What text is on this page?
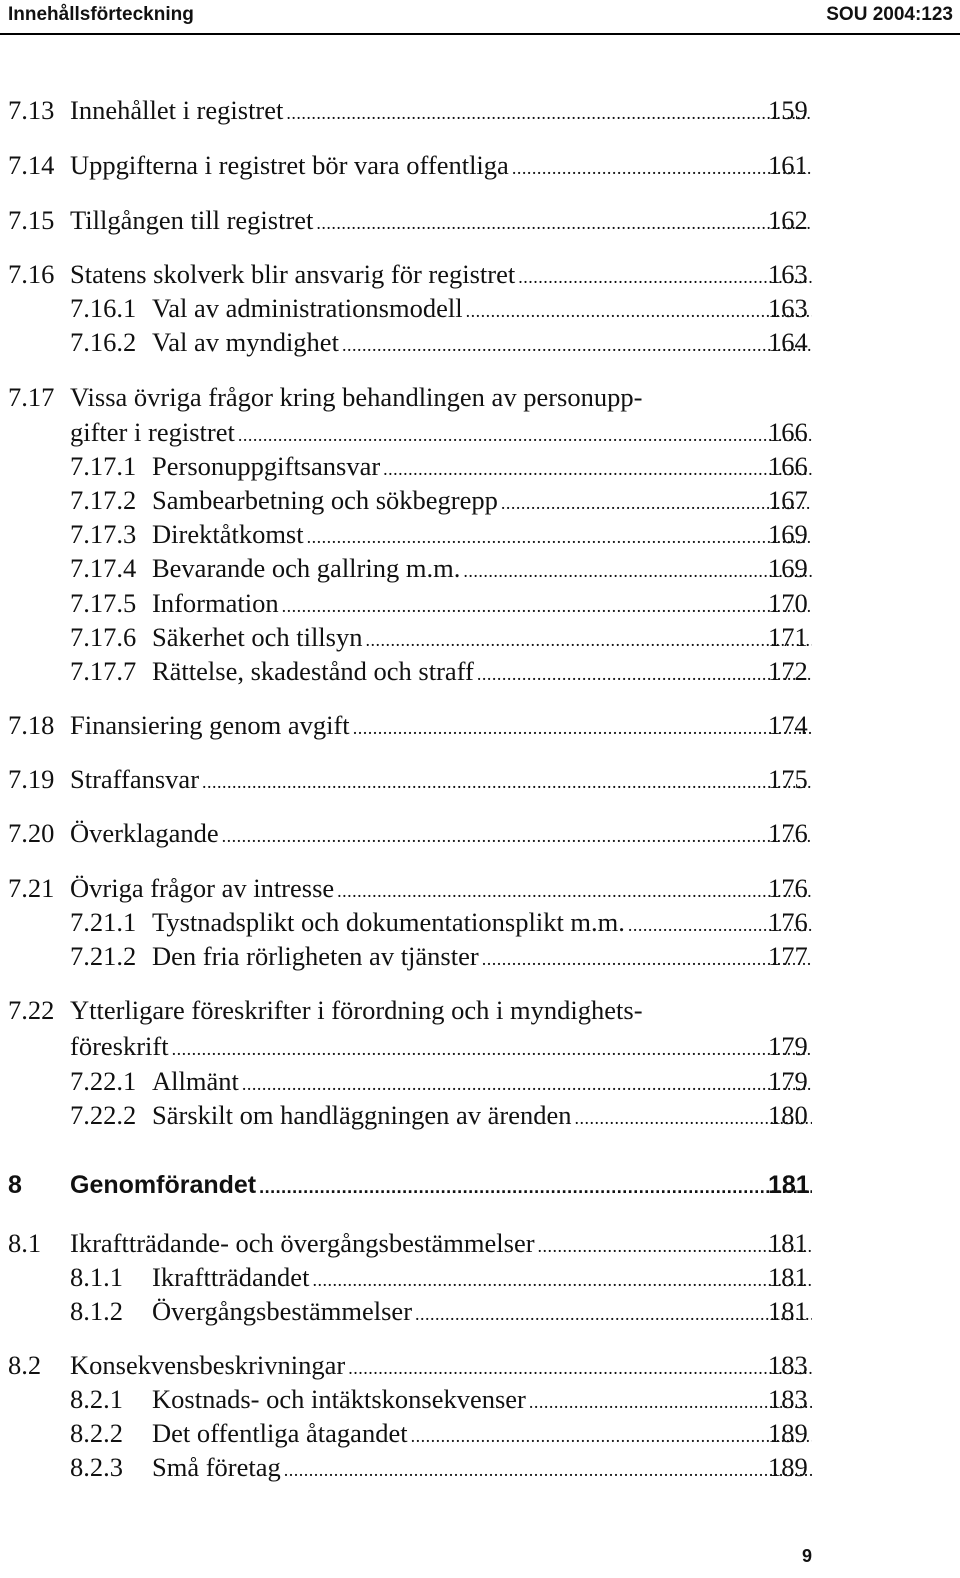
Innehållsförteckning	SOU 2004:123
7.13 Innehållet i registret .....	159
7.14 Uppgifterna i registret bör vara offentliga .....	161
7.15 Tillgången till registret .....	162
7.16 Statens skolverk blir ansvarig för registret .....	163
7.16.1 Val av administrationsmodell .....	163
7.16.2 Val av myndighet .....	164
7.17 Vissa övriga frågor kring behandlingen av personupp-
gifter i registret .....	166
7.17.1 Personuppgiftsansvar .....	166
7.17.2 Sambearbetning och sökbegrepp .....	167
7.17.3 Direktåtkomst .....	169
7.17.4 Bevarande och gallring m.m. .....	169
7.17.5 Information .....	170
7.17.6 Säkerhet och tillsyn .....	171
7.17.7 Rättelse, skadestånd och straff .....	172
7.18 Finansiering genom avgift .....	174
7.19 Straffansvar .....	175
7.20 Överklagande .....	176
7.21 Övriga frågor av intresse .....	176
7.21.1 Tystnadsplikt och dokumentationsplikt m.m. .....	176
7.21.2 Den fria rörligheten av tjänster .....	177
7.22 Ytterligare föreskrifter i förordning och i myndighets-
föreskrift .....	179
7.22.1 Allmänt .....	179
7.22.2 Särskilt om handläggningen av ärenden .....	180
8 Genomförandet .....	181
8.1 Ikraftträdande- och övergångsbestämmelser .....	181
8.1.1 Ikraftträdandet .....	181
8.1.2 Övergångsbestämmelser .....	181
8.2 Konsekvensbeskrivningar .....	183
8.2.1 Kostnads- och intäktskonsekvenser .....	183
8.2.2 Det offentliga åtagandet .....	189
8.2.3 Små företag .....	189
9
